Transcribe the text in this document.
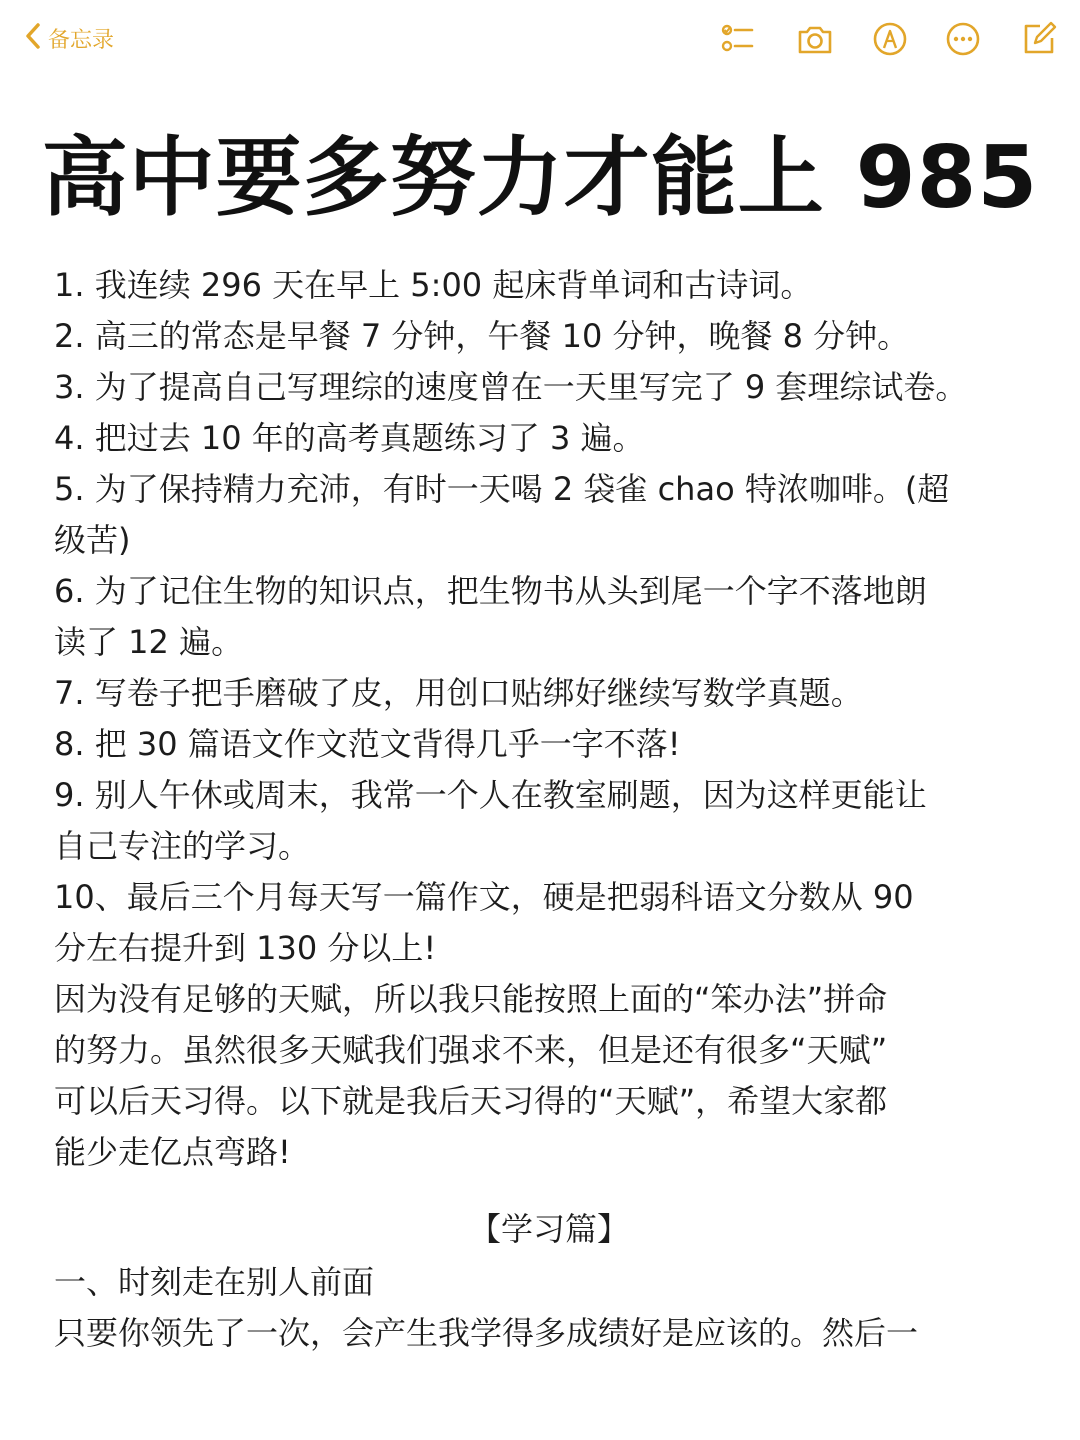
备忘录
高中要多努力才能上 985

1. 我连续 296 天在早上 5:00 起床背单词和古诗词。

2. 高三的常态是早餐 7 分钟，午餐 10 分钟，晚餐 8 分钟。

3. 为了提高自己写理综的速度曾在一天里写完了 9 套理综试卷。

4. 把过去 10 年的高考真题练习了 3 遍。

5. 为了保持精力充沛，有时一天喝 2 袋雀 chao 特浓咖啡。(超

级苦)

6. 为了记住生物的知识点，把生物书从头到尾一个字不落地朗

读了 12 遍。

7. 写卷子把手磨破了皮，用创口贴绑好继续写数学真题。

8. 把 30 篇语文作文范文背得几乎一字不落!

9. 别人午休或周末，我常一个人在教室刷题，因为这样更能让

自己专注的学习。

10、最后三个月每天写一篇作文，硬是把弱科语文分数从 90

分左右提升到 130 分以上!

因为没有足够的天赋，所以我只能按照上面的“笨办法”拼命

的努力。虽然很多天赋我们强求不来，但是还有很多“天赋”

可以后天习得。以下就是我后天习得的“天赋”，希望大家都

能少走亿点弯路!

【学习篇】

一、时刻走在别人前面

只要你领先了一次，会产生我学得多成绩好是应该的。然后一
